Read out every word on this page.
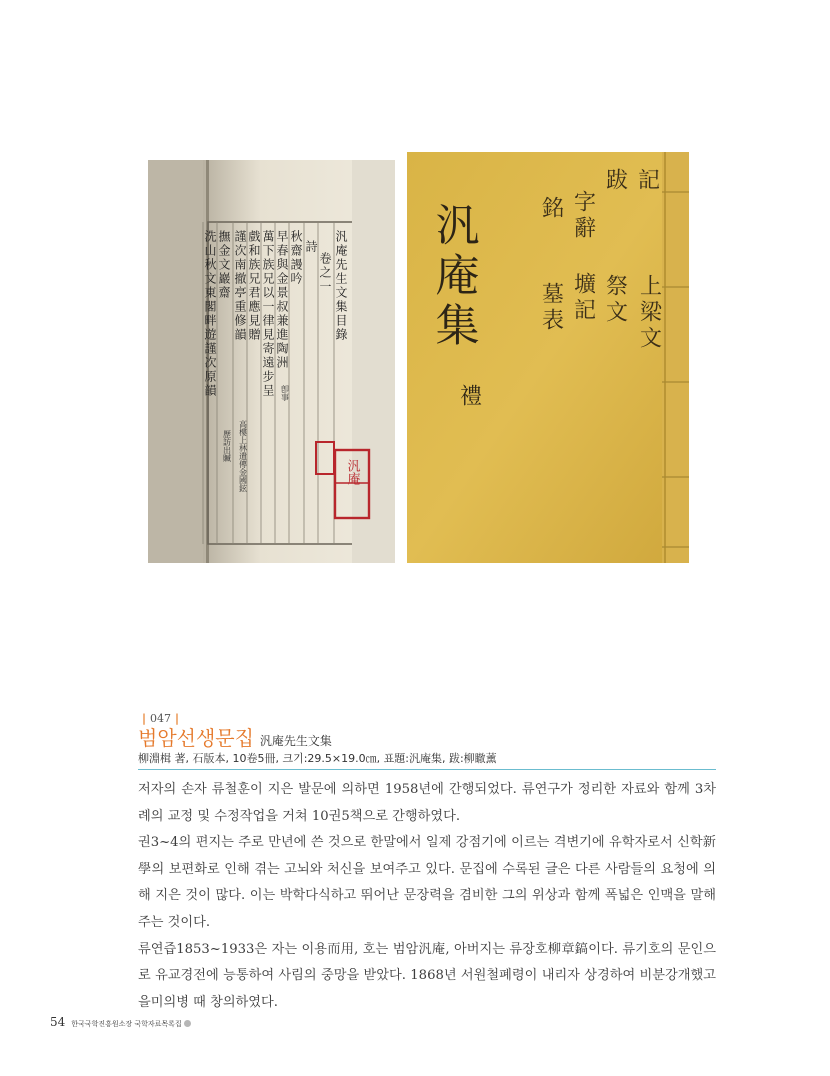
汎庵先生文集目錄
卷之一
詩
秋齋謾吟
早春與金景叔兼進陶洲
萬下族兄以一律見寄遠步呈
戲和族兄君應見贈
謹次南撤亭重修韻
撫金文巖齋
洗山秋文東閣畔遊謹次原韻	卽事
高樓上林遺傳金國鉉
歷訪出贓
汎庵
汎庵集
禮
記
跋
字辭
銘
上梁文
祭文
壙記
墓表
| 047 |
범암선생문집 汎庵先生文集
柳淵楫 著, 石版本, 10卷5冊, 크기:29.5×19.0㎝, 표題:汎庵集, 跋:柳瞮薰

저자의 손자 류철훈이 지은 발문에 의하면 1958년에 간행되었다. 류연구가 정리한 자료와 함께 3차례의 교정 및 수정작업을 거쳐 10권5책으로 간행하였다.

권3~4의 편지는 주로 만년에 쓴 것으로 한말에서 일제 강점기에 이르는 격변기에 유학자로서 신학新學의 보편화로 인해 겪는 고뇌와 처신을 보여주고 있다. 문집에 수록된 글은 다른 사람들의 요청에 의해 지은 것이 많다. 이는 박학다식하고 뛰어난 문장력을 겸비한 그의 위상과 함께 폭넓은 인맥을 말해주는 것이다.

류연즙1853~1933은 자는 이용而用, 호는 범암汎庵, 아버지는 류장호柳章鎬이다. 류기호의 문인으로 유교경전에 능통하여 사림의 중망을 받았다. 1868년 서원철폐령이 내리자 상경하여 비분강개했고 을미의병 때 창의하였다.

54 한국국학진흥원소장 국학자료목록집
